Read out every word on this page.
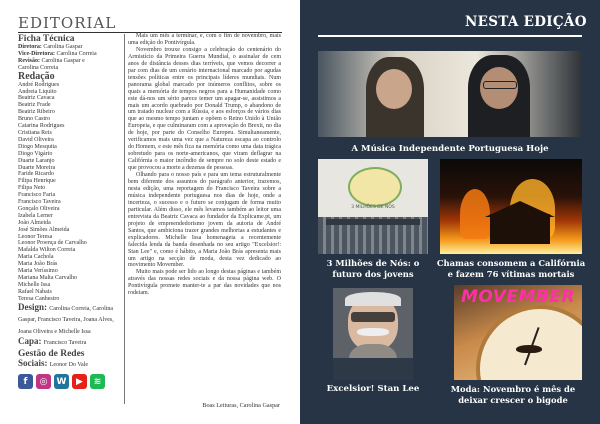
EDITORIAL
Ficha Técnica
Diretora: Carolina Gaspar
Vice-Diretora: Carolina Correia
Revisão: Carolina Gaspar e
Carolina Correia
Redação
André Rodrigues
Andreia Liquito
Beatriz Cavaca
Beatriz Frade
Beatriz Ribeiro
Bruno Castro
Catarina Rodrigues
Cristiana Reis
David Oliveira
Diogo Mesquita
Diogo Vigário
Duarte Laranjo
Duarte Moreira
Faride Ricardo
Filipa Henrique
Filipa Neto
Francisco Faria
Francisco Taveira
Gonçalo Oliveira
Izabela Lerner
João Almeida
José Simões Almeida
Leonor Teresa
Leonor Proença de Carvalho
Mafalda Wilton Correia
Maria Cachola
Maria João Brás
Maria Veríssimo
Mariana Malta Carvalho
Michelle Issa
Rafael Nabais
Teresa Canhestro
Design: Carolina Correia, Carolina Gaspar, Francisco Taveira, Joana Alves, Joana Oliveira e Michelle Issa
Capa: Francisco Taveira
Gestão de Redes
Sociais: Leonor Do Vale
f	◎	W	▶	≋

Mais um mês a terminar, e, com o fim de novembro, mais uma edição do Pontivírgula.

Novembro trouxe consigo a celebração do centenário do Armistício da Primeira Guerra Mundial, o assinalar de cem anos de distância desses dias terríveis, que vemos decorrer a par com dias de um cenário internacional marcado por agudas tensões políticas entre os principais líderes mundiais. Num panorama global marcado por inúmeros conflitos, sobre os quais a memória de tempos negros para a Humanidade como este dá-nos um sério parece temer um apagar-se, assistimos a mais um acordo quebrado por Donald Trump, o abandono de um tratado nuclear com a Rússia, e aos esforços de vários dias que ao mesmo tempo juntam e opõem o Reino Unido à União Europeia, e que culminaram com a aprovação do Brexit, no dia de hoje, por parte do Conselho Europeu. Simultaneamente, verificamos mais uma vez que a Natureza escapa ao controlo do Homem, e este mês fica na memória como uma data trágica sobretudo para os norte-americanos, que viram deflagrar na Califórnia o maior incêndio de sempre no solo deste estado e que provocou a morte a dezenas de pessoas.

Olhando para o nosso país e para um tema estruturalmente bem diferente dos assuntos do parágrafo anterior, trazemos, nesta edição, uma reportagem do Francisco Taveira sobre a música independente portuguesa nos dias de hoje, onde a incerteza, o sucesso e o futuro se conjugam de forma muito particular. Além disso, ele mês levamos também ao leitor uma entrevista da Beatriz Cavaca ao fundador da Explicame.pt, um projeto de empreendedorismo jovem da autoria de André Santos, que ambiciona trazer grandes melhorias a estudantes e explicadores. Michelle Issa homenageia a recentemente falecida lenda da banda desenhada no seu artigo "Excelsior!: Stan Lee" e, como é hábito, a Maria João Brás apresenta mais um artigo na secção de moda, desta vez dedicado ao movimento Movember.

Muito mais pode ser lido ao longo destas páginas e também através das nossas redes sociais e da nossa página web. O Pontivírgula promete manter-te a par das novidades que nos rodeiam.

Boas Leituras, Carolina Gaspar
NESTA EDIÇÃO
A Música Independente Portuguesa Hoje
3 MILHÕES DE NÓS
3 Milhões de Nós: o futuro dos jovens
Chamas consomem a Califórnia e fazem 76 vítimas mortais
Excelsior! Stan Lee
MOVEMBER
Moda: Novembro é mês de deixar crescer o bigode
